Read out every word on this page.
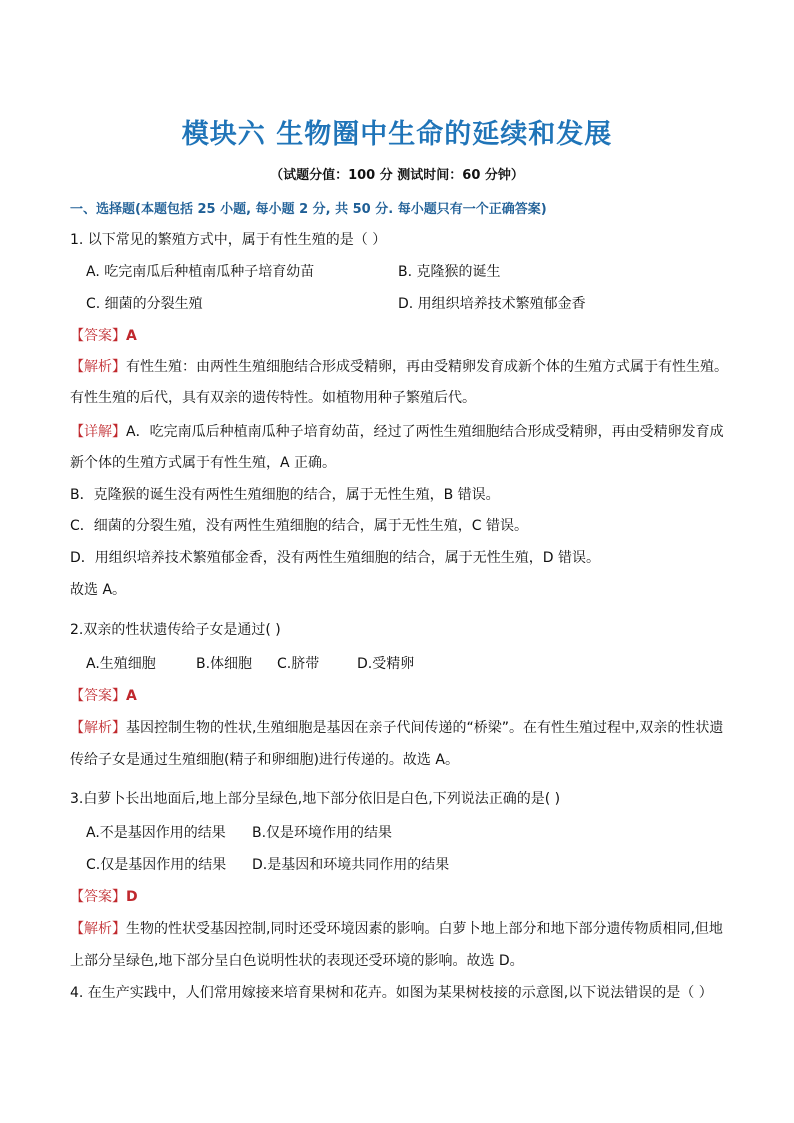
模块六 生物圈中生命的延续和发展
（试题分值：100 分 测试时间：60 分钟）
一、选择题(本题包括 25 小题, 每小题 2 分, 共 50 分. 每小题只有一个正确答案)
1. 以下常见的繁殖方式中，属于有性生殖的是（ ）
A. 吃完南瓜后种植南瓜种子培育幼苗	B. 克隆猴的诞生
C. 细菌的分裂生殖	D. 用组织培养技术繁殖郁金香
【答案】A
【解析】有性生殖：由两性生殖细胞结合形成受精卵，再由受精卵发育成新个体的生殖方式属于有性生殖。
有性生殖的后代，具有双亲的遗传特性。如植物用种子繁殖后代。
【详解】A．吃完南瓜后种植南瓜种子培育幼苗，经过了两性生殖细胞结合形成受精卵，再由受精卵发育成
新个体的生殖方式属于有性生殖，A 正确。
B．克隆猴的诞生没有两性生殖细胞的结合，属于无性生殖，B 错误。
C．细菌的分裂生殖，没有两性生殖细胞的结合，属于无性生殖，C 错误。
D．用组织培养技术繁殖郁金香，没有两性生殖细胞的结合，属于无性生殖，D 错误。
故选 A。
2.双亲的性状遗传给子女是通过( )
A.生殖细胞	B.体细胞 C.脐带	D.受精卵
【答案】A
【解析】基因控制生物的性状,生殖细胞是基因在亲子代间传递的“桥梁”。在有性生殖过程中,双亲的性状遗
传给子女是通过生殖细胞(精子和卵细胞)进行传递的。故选 A。
3.白萝卜长出地面后,地上部分呈绿色,地下部分依旧是白色,下列说法正确的是( )
A.不是基因作用的结果 B.仅是环境作用的结果
C.仅是基因作用的结果 D.是基因和环境共同作用的结果
【答案】D
【解析】生物的性状受基因控制,同时还受环境因素的影响。白萝卜地上部分和地下部分遗传物质相同,但地
上部分呈绿色,地下部分呈白色说明性状的表现还受环境的影响。故选 D。
4. 在生产实践中，人们常用嫁接来培育果树和花卉。如图为某果树枝接的示意图,以下说法错误的是（ ）
